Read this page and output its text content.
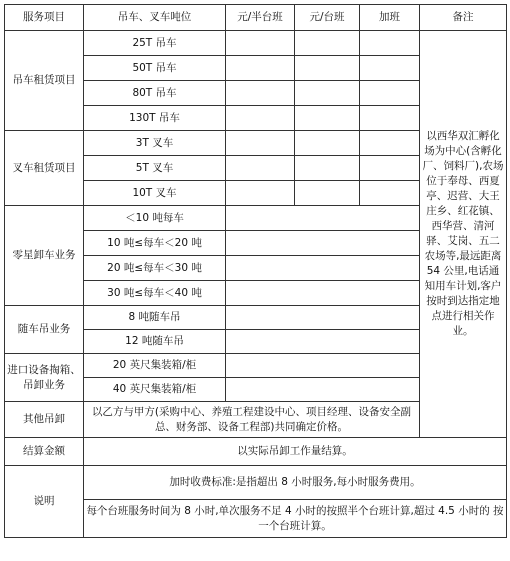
服务项目	吊车、叉车吨位	元/半台班	元/台班	加班	备注
吊车租赁项目	25T 吊车				以西华双汇孵化场为中心(含孵化厂、饲料厂),农场位于奉母、西夏亭、迟营、大王庄乡、红花镇、西华营、清河驿、艾岗、五二农场等,最远距离 54 公里,电话通知用车计划,客户按时到达指定地点进行相关作业。
	50T 吊车				
	80T 吊车				
	130T 吊车				
叉车租赁项目	3T 叉车				
	5T 叉车				
	10T 叉车				
零星卸车业务	＜10 吨每车				
	10 吨≤每车＜20 吨				
	20 吨≤每车＜30 吨				
	30 吨≤每车＜40 吨				
随车吊业务	8 吨随车吊				
	12 吨随车吊				
进口设备掏箱、吊卸业务	20 英尺集装箱/柜				
	40 英尺集装箱/柜				
其他吊卸	以乙方与甲方(采购中心、养殖工程建设中心、项目经理、设备安全副总、财务部、设备工程部)共同确定价格。				
结算金额	以实际吊卸工作量结算。				
说明	加时收费标准:是指超出 8 小时服务,每小时服务费用。				
	每个台班服务时间为 8 小时,单次服务不足 4 小时的按照半个台班计算,超过 4.5 小时的 按一个台班计算。				
